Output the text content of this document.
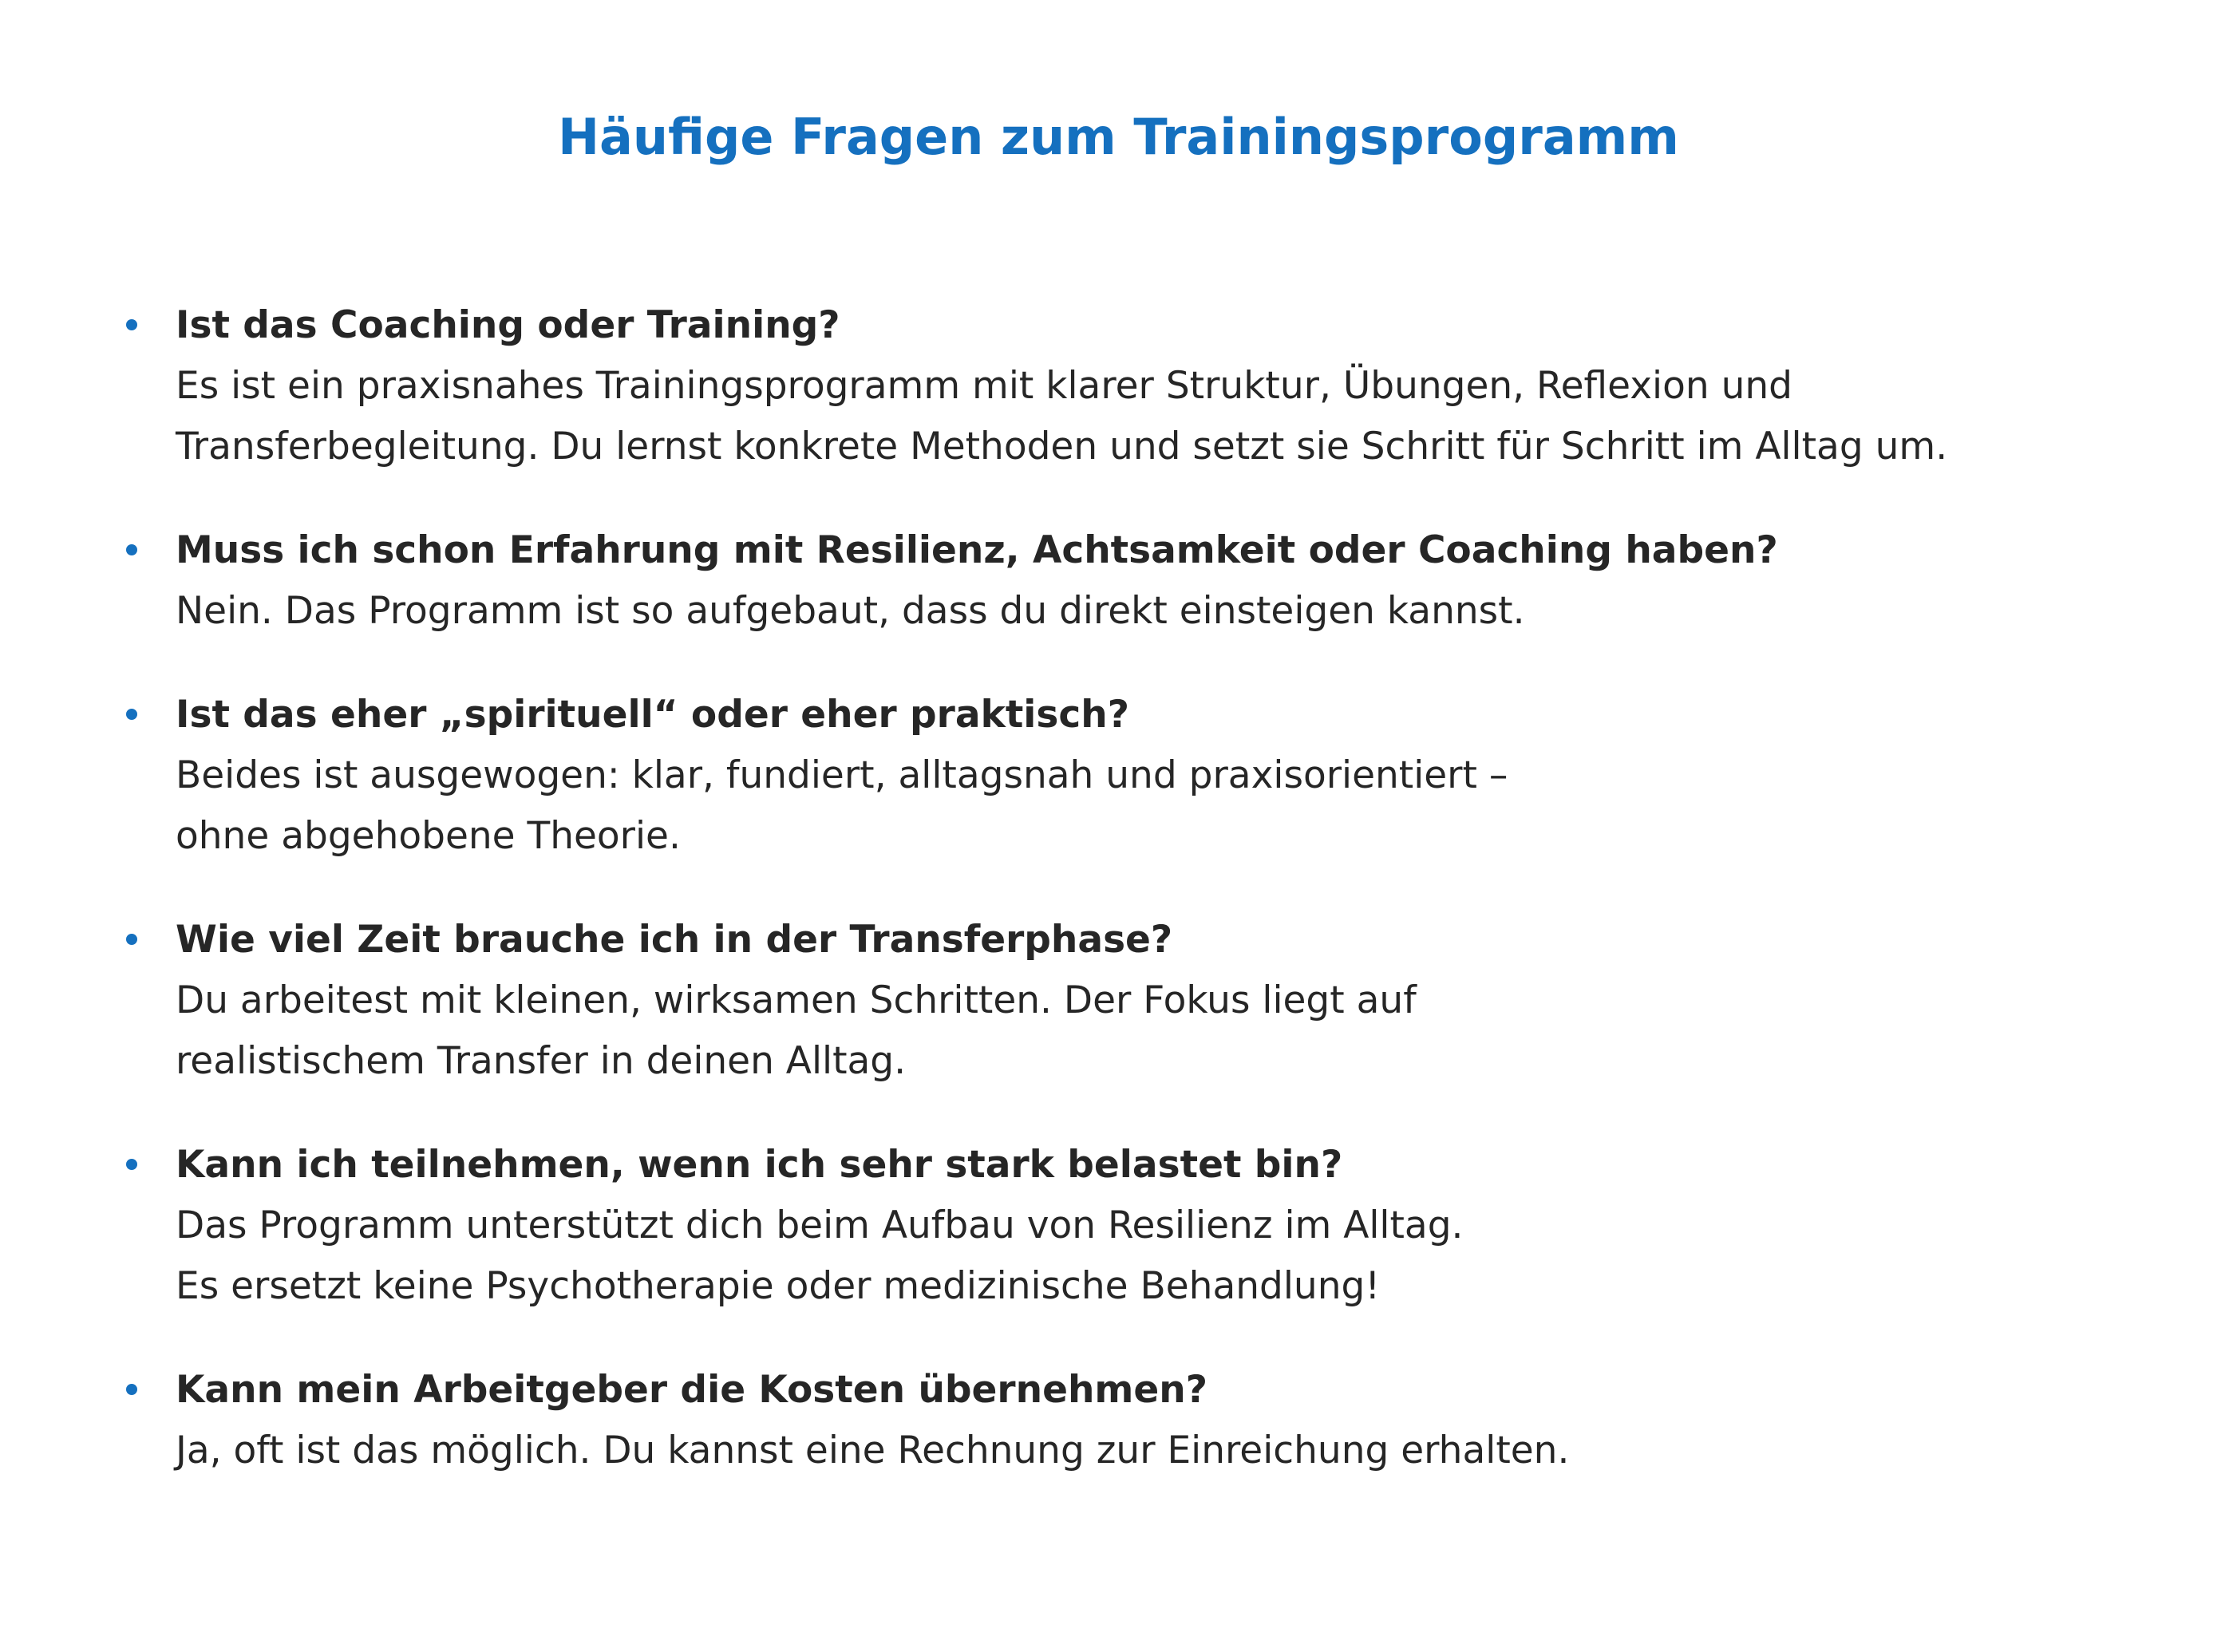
Häufige Fragen zum Trainingsprogramm
Ist das Coaching oder Training?
Es ist ein praxisnahes Trainingsprogramm mit klarer Struktur, Übungen, Reflexion und
Transferbegleitung. Du lernst konkrete Methoden und setzt sie Schritt für Schritt im Alltag um.
Muss ich schon Erfahrung mit Resilienz, Achtsamkeit oder Coaching haben?
Nein. Das Programm ist so aufgebaut, dass du direkt einsteigen kannst.
Ist das eher „spirituell“ oder eher praktisch?
Beides ist ausgewogen: klar, fundiert, alltagsnah und praxisorientiert –
ohne abgehobene Theorie.
Wie viel Zeit brauche ich in der Transferphase?
Du arbeitest mit kleinen, wirksamen Schritten. Der Fokus liegt auf
realistischem Transfer in deinen Alltag.
Kann ich teilnehmen, wenn ich sehr stark belastet bin?
Das Programm unterstützt dich beim Aufbau von Resilienz im Alltag.
Es ersetzt keine Psychotherapie oder medizinische Behandlung!
Kann mein Arbeitgeber die Kosten übernehmen?
Ja, oft ist das möglich. Du kannst eine Rechnung zur Einreichung erhalten.
